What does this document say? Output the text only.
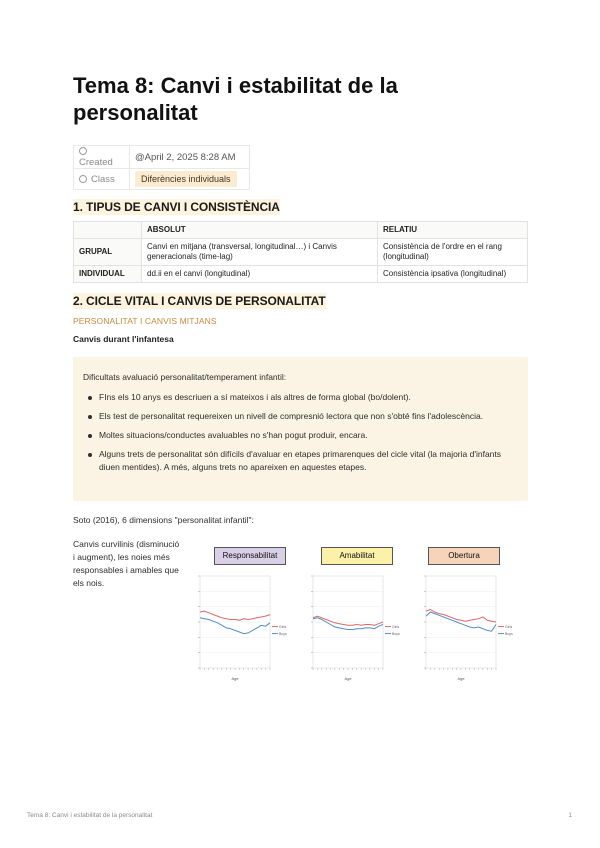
Tema 8: Canvi i estabilitat de la personalitat
Created	@April 2, 2025 8:28 AM
Class	Diferències individuals
1. TIPUS DE CANVI I CONSISTÈNCIA
	ABSOLUT	RELATIU
GRUPAL	Canvi en mitjana (transversal, longitudinal…) i Canvis generacionals (time-lag)	Consistència de l'ordre en el rang (longitudinal)
INDIVIDUAL	dd.ii en el canvi (longitudinal)	Consistència ipsativa (longitudinal)
2. CICLE VITAL I CANVIS DE PERSONALITAT
PERSONALITAT I CANVIS MITJANS
Canvis durant l'infantesa
Dificultats avaluació personalitat/temperament infantil:
FIns els 10 anys es descriuen a sí mateixos i als altres de forma global (bo/dolent).
Els test de personalitat requereixen un nivell de compresnió lectora que non s'obté fins l'adolescència.
Moltes situacions/conductes avaluables no s'han pogut produir, encara.
Alguns trets de personalitat són difícils d'avaluar en etapes primarenques del cicle vital (la majoria d'infants diuen mentides). A més, alguns trets no apareixen en aquestes etapes.
Soto (2016), 6 dimensions "personalitat infantil":
Canvis curvilinis (disminució i augment), les noies més responsables i amables que els nois.
Responsabilitat	Amabilitat	Obertura
Girls
Boys
Age
Girls
Boys
Age
Girls
Boys
Age
Tema 8: Canvi i estabilitat de la personalitat	1
